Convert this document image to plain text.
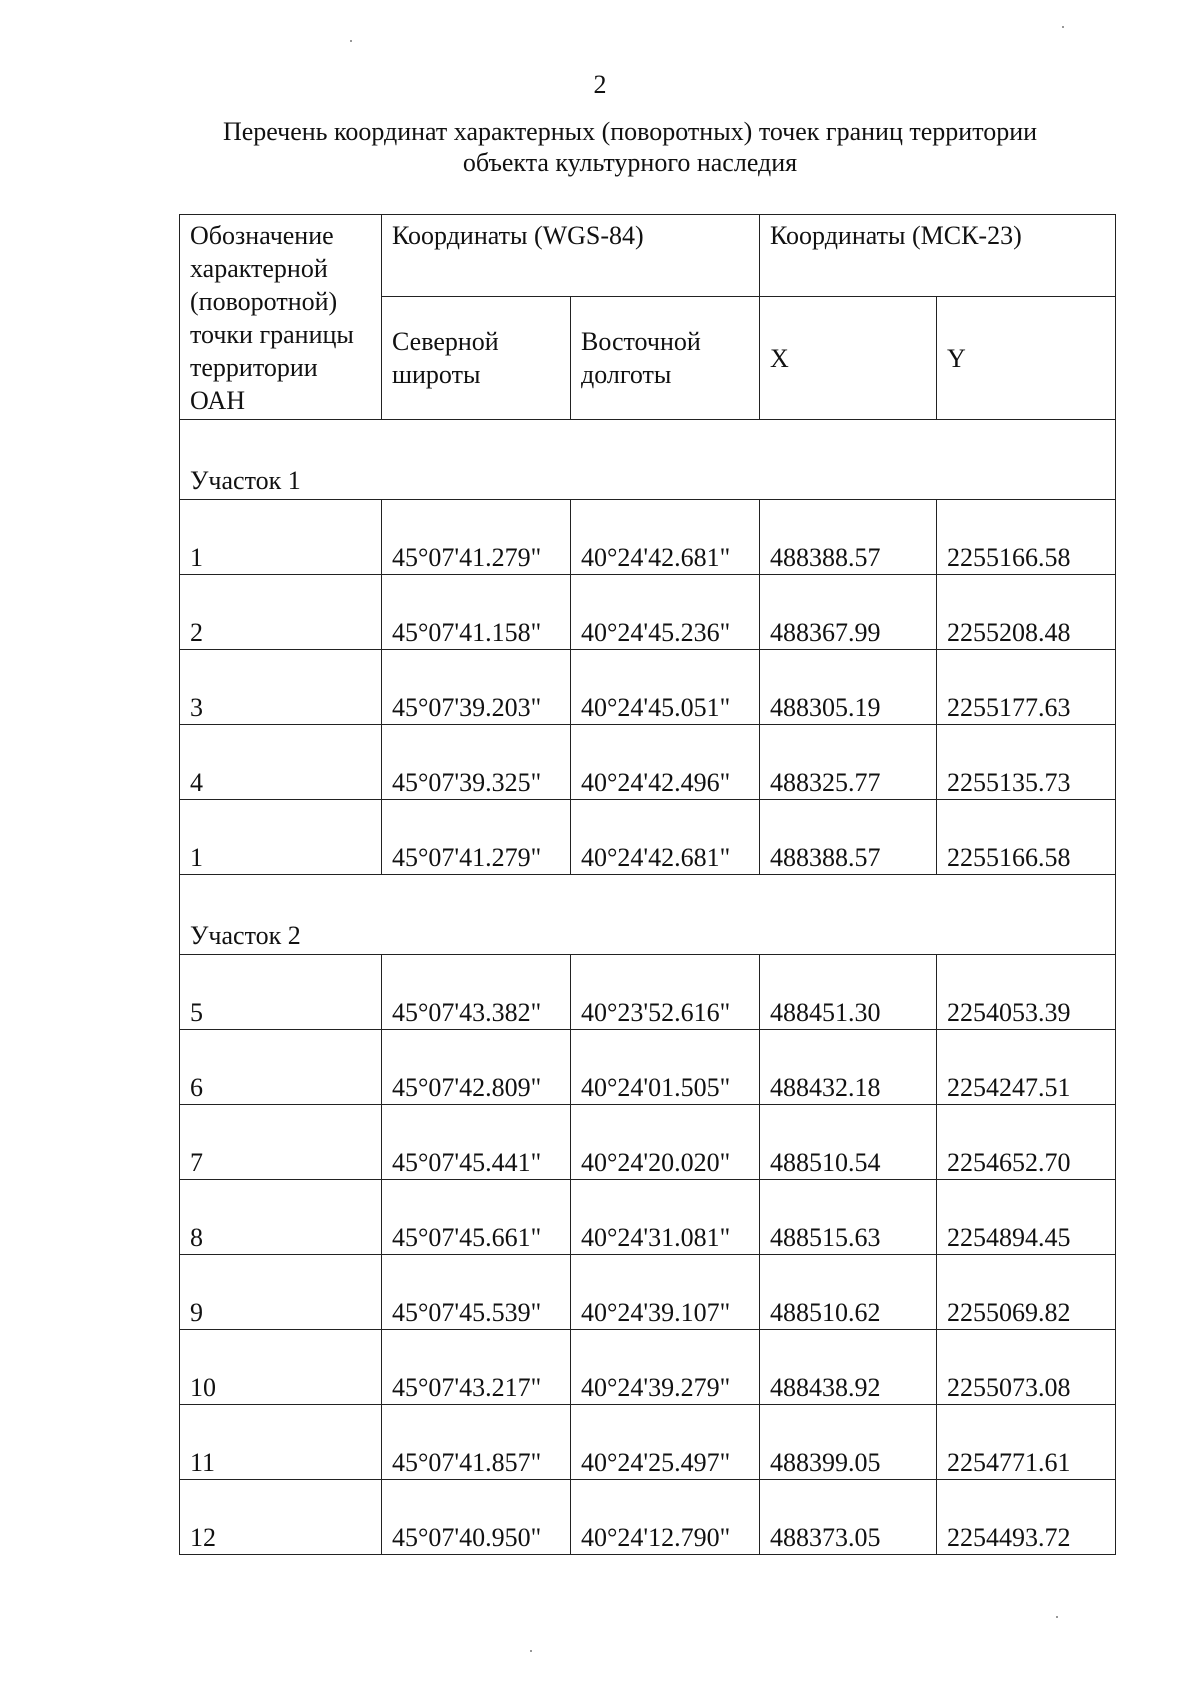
2
Перечень координат характерных (поворотных) точек границ территории
объекта культурного наследия
Обозначение характерной (поворотной) точки границы территории ОАН	Координаты (WGS-84)		Координаты (МСК-23)	
	Северной широты	Восточной долготы	X	Y
Участок 1				
1	45°07'41.279"	40°24'42.681"	488388.57	2255166.58
2	45°07'41.158"	40°24'45.236"	488367.99	2255208.48
3	45°07'39.203"	40°24'45.051"	488305.19	2255177.63
4	45°07'39.325"	40°24'42.496"	488325.77	2255135.73
1	45°07'41.279"	40°24'42.681"	488388.57	2255166.58
Участок 2				
5	45°07'43.382"	40°23'52.616"	488451.30	2254053.39
6	45°07'42.809"	40°24'01.505"	488432.18	2254247.51
7	45°07'45.441"	40°24'20.020"	488510.54	2254652.70
8	45°07'45.661"	40°24'31.081"	488515.63	2254894.45
9	45°07'45.539"	40°24'39.107"	488510.62	2255069.82
10	45°07'43.217"	40°24'39.279"	488438.92	2255073.08
11	45°07'41.857"	40°24'25.497"	488399.05	2254771.61
12	45°07'40.950"	40°24'12.790"	488373.05	2254493.72
